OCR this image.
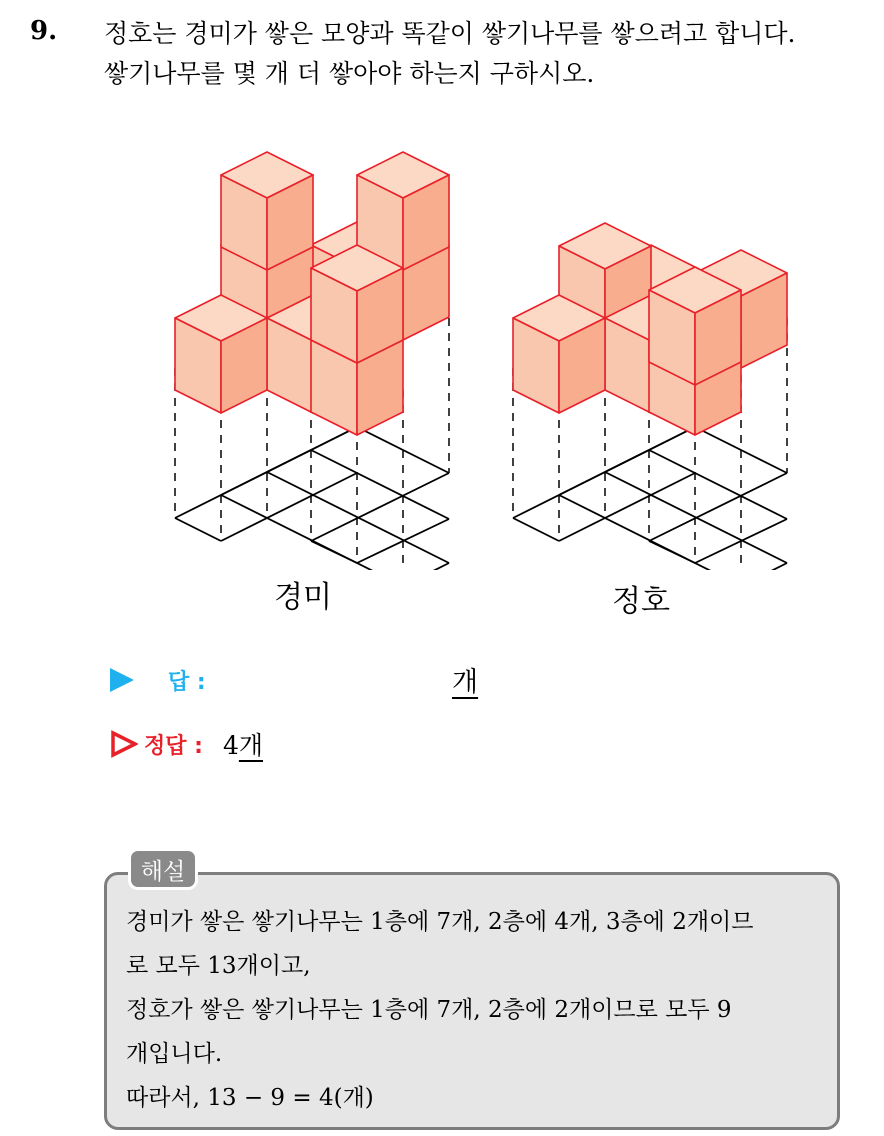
9. 정호는 경미가 쌓은 모양과 똑같이 쌓기나무를 쌓으려고 합니다.
쌓기나무를 몇 개 더 쌓아야 하는지 구하시오.
경미	정호
답 :	개
정답 : 4개
해설
경미가 쌓은 쌓기나무는 1층에 7개, 2층에 4개, 3층에 2개이므
로 모두 13개이고,
정호가 쌓은 쌓기나무는 1층에 7개, 2층에 2개이므로 모두 9
개입니다.
따라서, 13 − 9 = 4(개)
